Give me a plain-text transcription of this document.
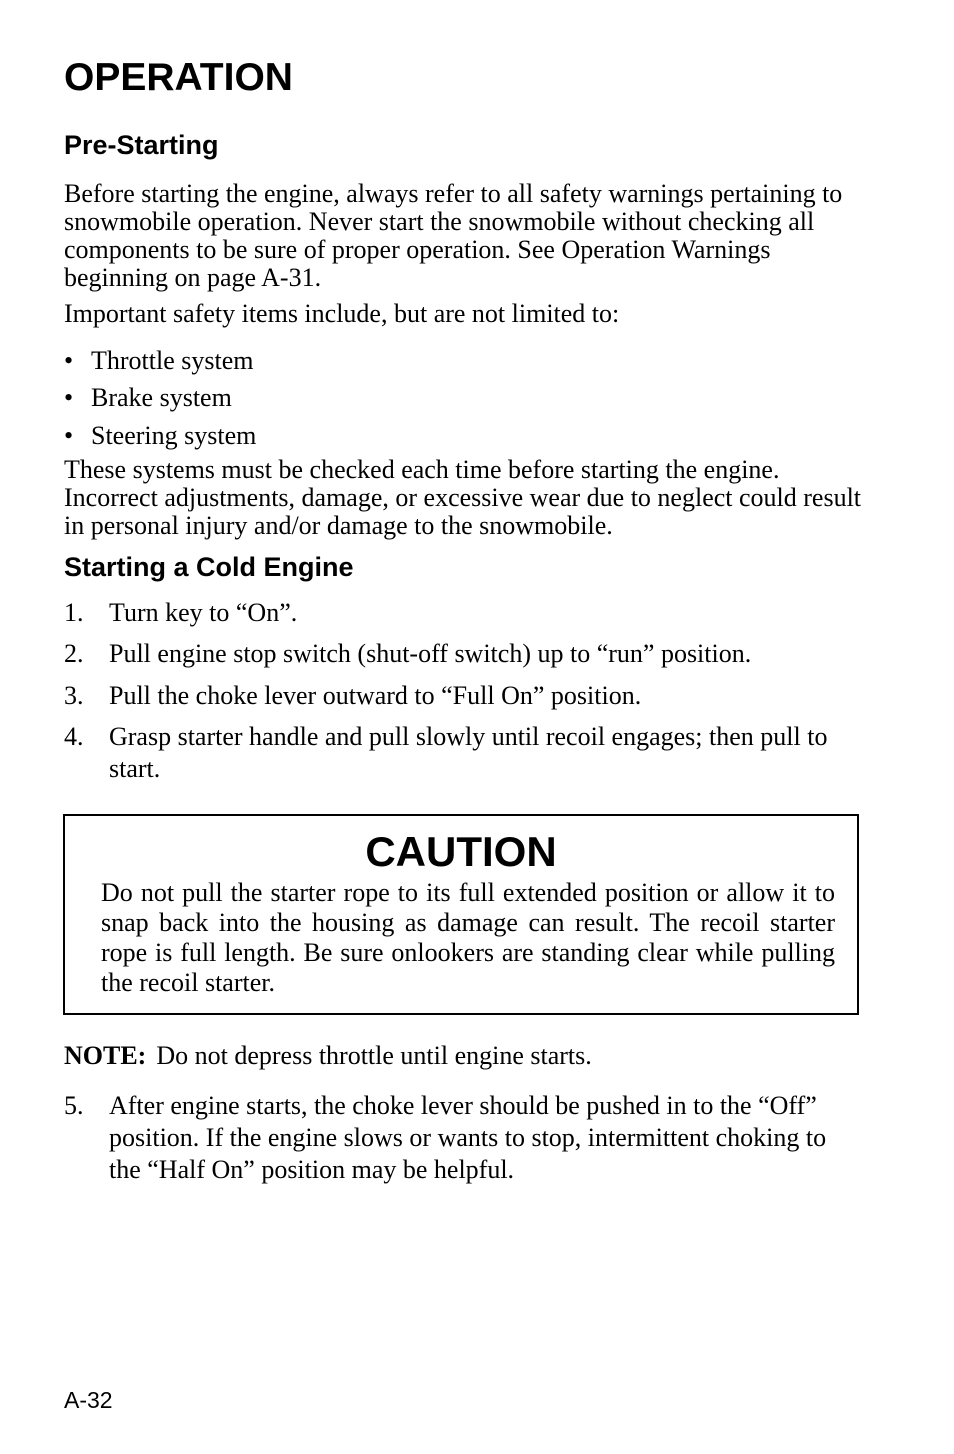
OPERATION
Pre-Starting

Before starting the engine, always refer to all safety warnings pertaining to snowmobile operation. Never start the snowmobile without checking all components to be sure of proper operation. See Operation Warnings beginning on page A-31.

Important safety items include, but are not limited to:

• Throttle system
• Brake system
• Steering system

These systems must be checked each time before starting the engine. Incorrect adjustments, damage, or excessive wear due to neglect could result in personal injury and/or damage to the snowmobile.

Starting a Cold Engine
1. Turn key to “On”.
2. Pull engine stop switch (shut-off switch) up to “run” position.
3. Pull the choke lever outward to “Full On” position.
4. Grasp starter handle and pull slowly until recoil engages; then pull to start.
CAUTION
Do not pull the starter rope to its full extended position or allow it to snap back into the housing as damage can result. The recoil starter rope is full length. Be sure onlookers are standing clear while pulling the recoil starter.
NOTE: Do not depress throttle until engine starts.
5. After engine starts, the choke lever should be pushed in to the “Off” position. If the engine slows or wants to stop, intermittent choking to the “Half On” position may be helpful.
A-32
